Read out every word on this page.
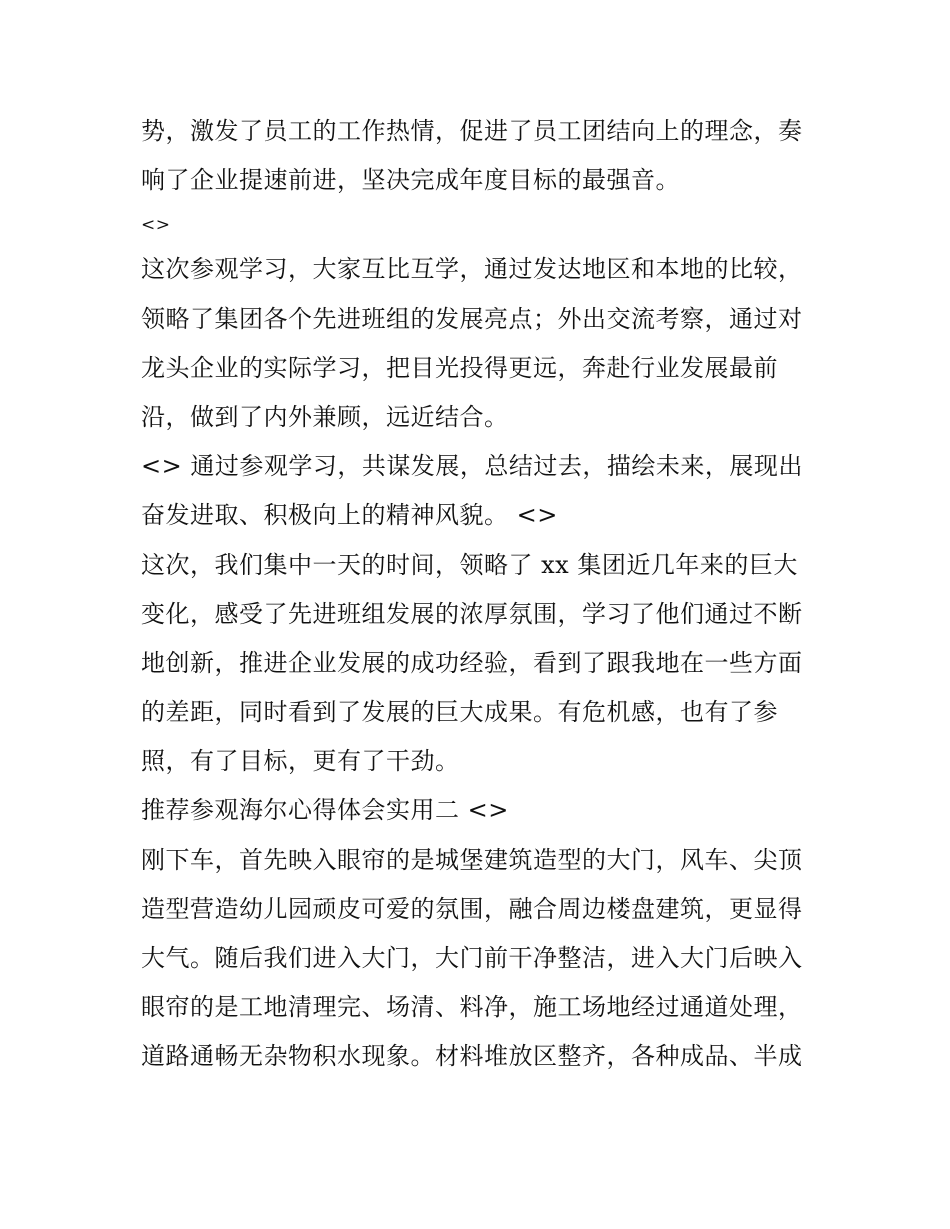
势，激发了员工的工作热情，促进了员工团结向上的理念，奏
响了企业提速前进，坚决完成年度目标的最强音。
<>
这次参观学习，大家互比互学，通过发达地区和本地的比较，
领略了集团各个先进班组的发展亮点；外出交流考察，通过对
龙头企业的实际学习，把目光投得更远，奔赴行业发展最前
沿，做到了内外兼顾，远近结合。
<> 通过参观学习，共谋发展，总结过去，描绘未来，展现出
奋发进取、积极向上的精神风貌。 <>
这次，我们集中一天的时间，领略了 xx 集团近几年来的巨大
变化，感受了先进班组发展的浓厚氛围，学习了他们通过不断
地创新，推进企业发展的成功经验，看到了跟我地在一些方面
的差距，同时看到了发展的巨大成果。有危机感，也有了参
照，有了目标，更有了干劲。
推荐参观海尔心得体会实用二 <>
刚下车，首先映入眼帘的是城堡建筑造型的大门，风车、尖顶
造型营造幼儿园顽皮可爱的氛围，融合周边楼盘建筑，更显得
大气。随后我们进入大门，大门前干净整洁，进入大门后映入
眼帘的是工地清理完、场清、料净，施工场地经过通道处理，
道路通畅无杂物积水现象。材料堆放区整齐，各种成品、半成
